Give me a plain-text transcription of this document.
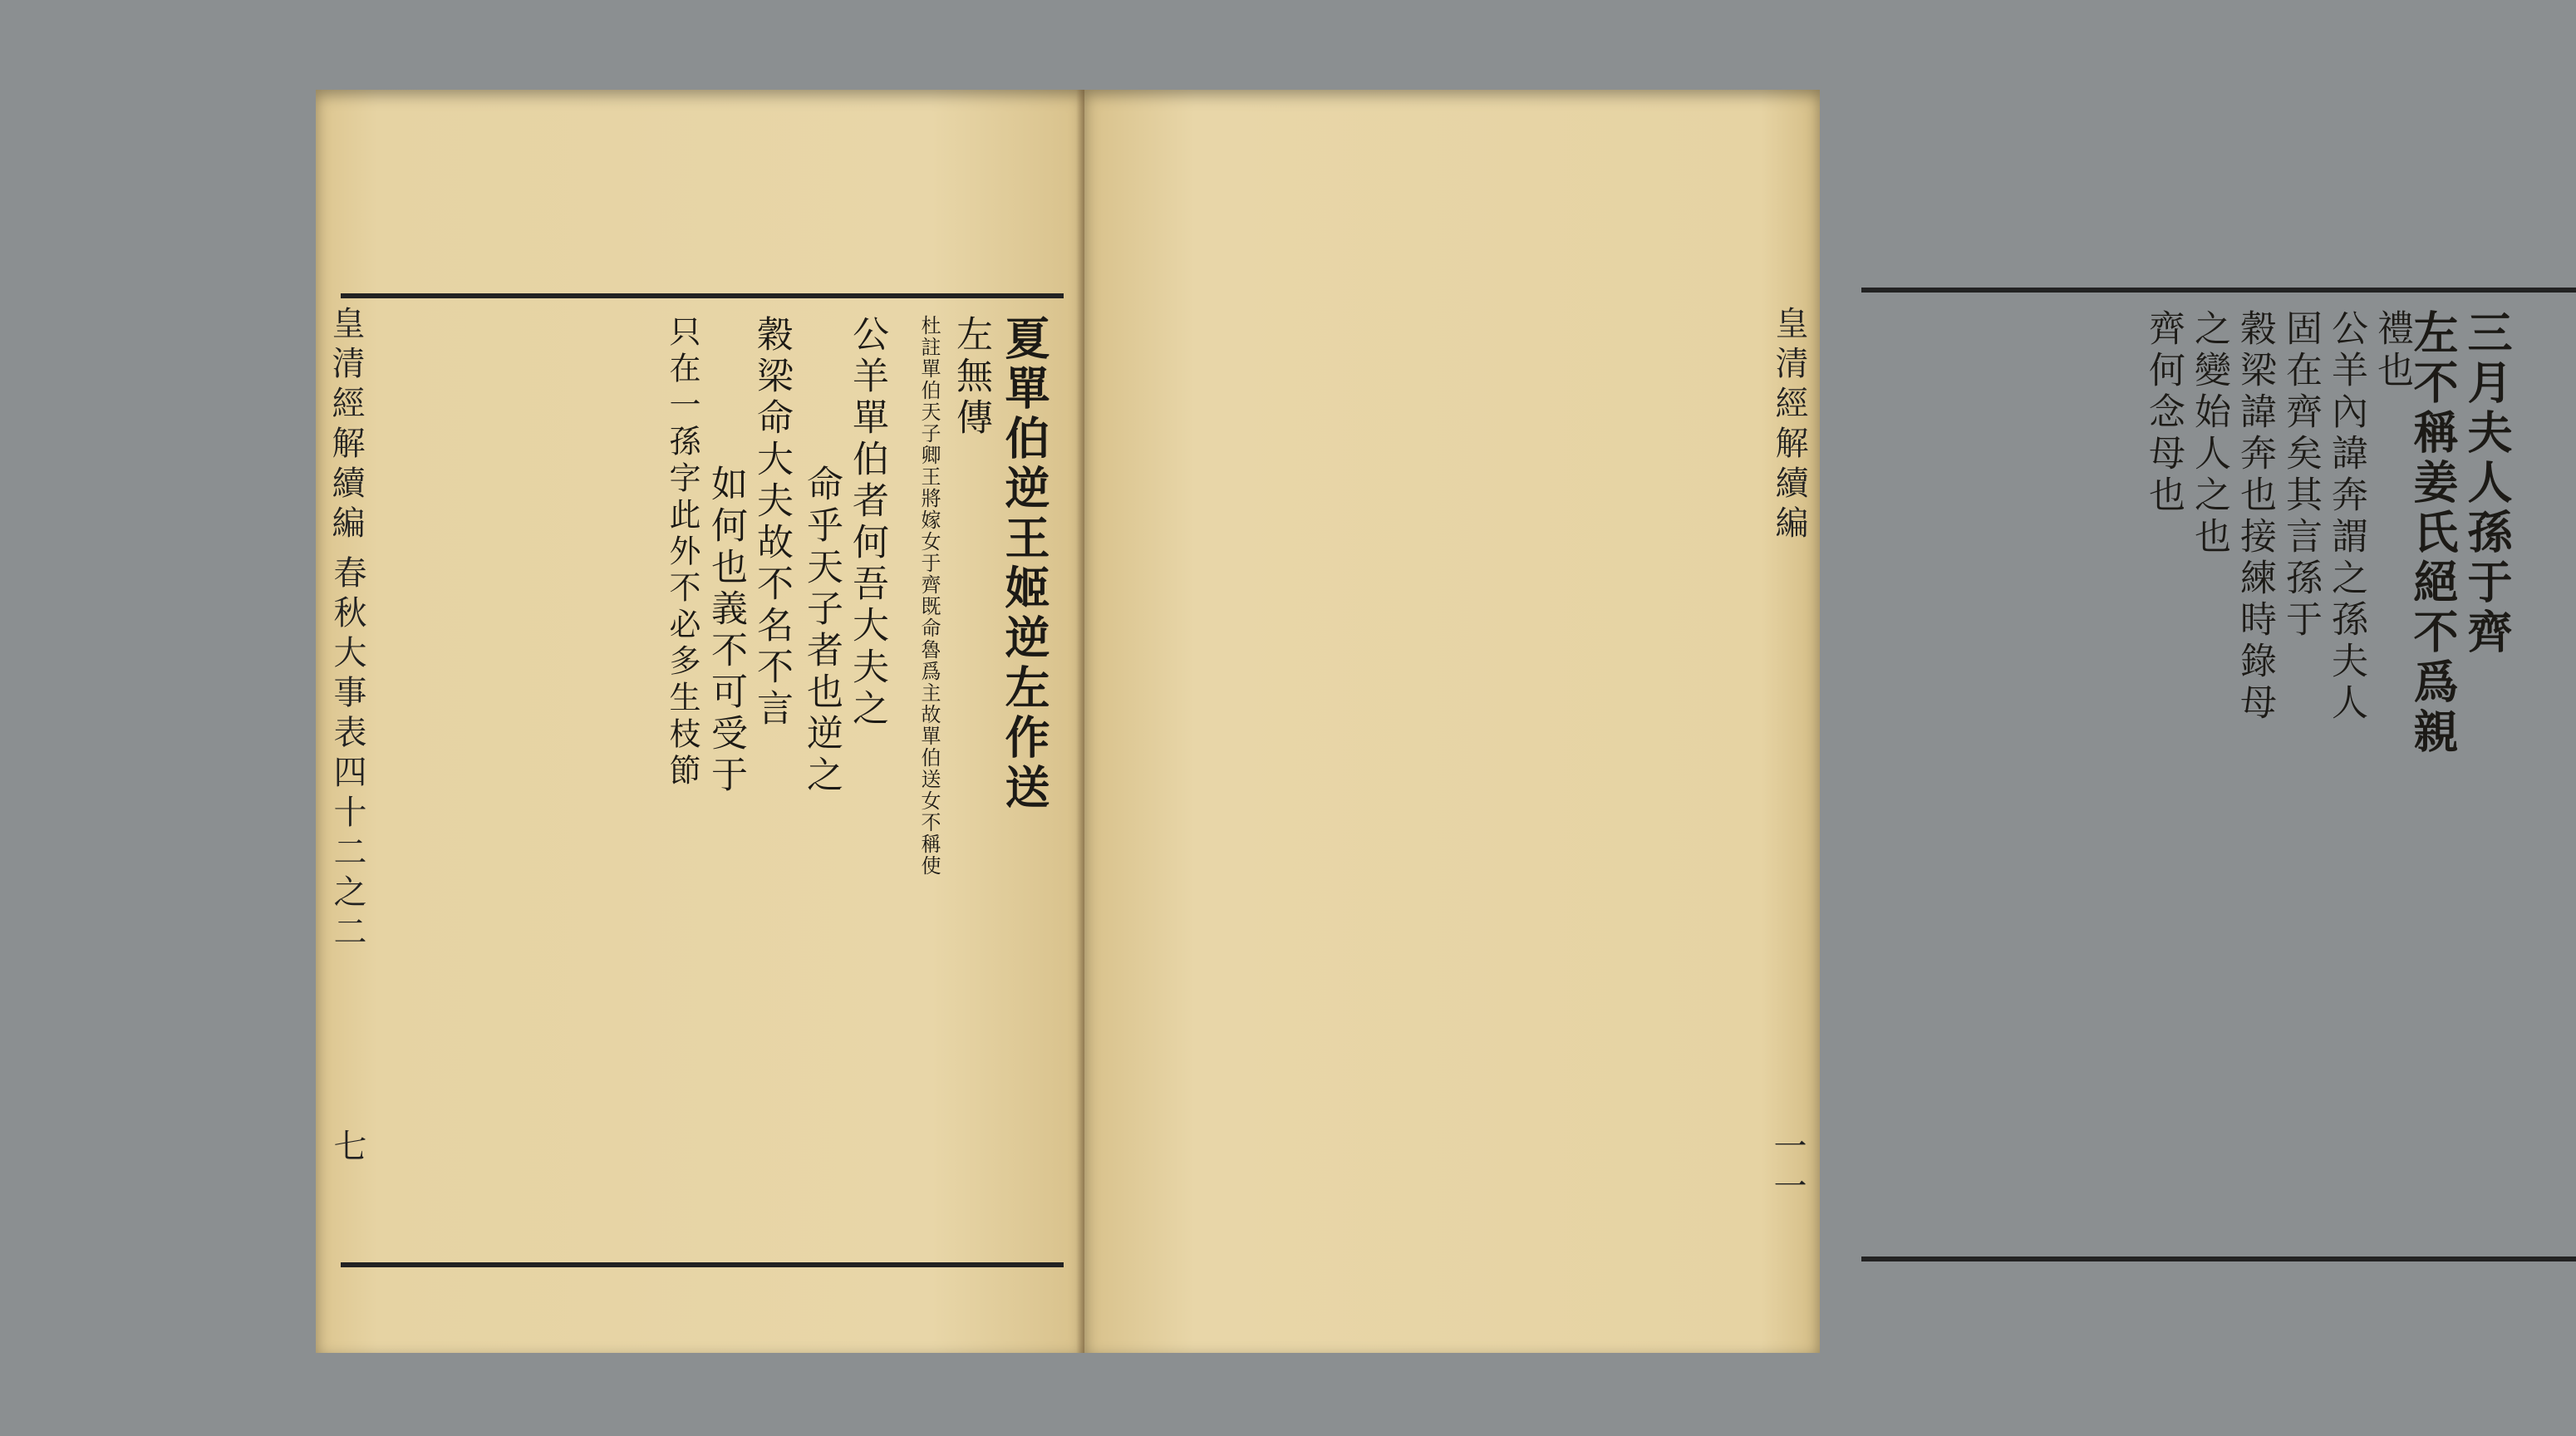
夏單伯逆王姬逆左作送
左無傳
杜註單伯天子卿王將嫁女于齊既命魯爲主故單伯送女不稱使
公羊單伯者何吾大夫之
命乎天子者也逆之
穀梁命大夫故不名不言
如何也義不可受于
只在一孫字此外不必多生枝節
皇清經解續編
春秋大事表四十二之二
七
三月夫人孫于齊
左不稱姜氏絕不爲親
禮也
公羊內諱奔謂之孫夫人
固在齊矣其言孫于
穀梁諱奔也接練時錄母
之變始人之也
齊何念母也
皇清經解續編
一一
